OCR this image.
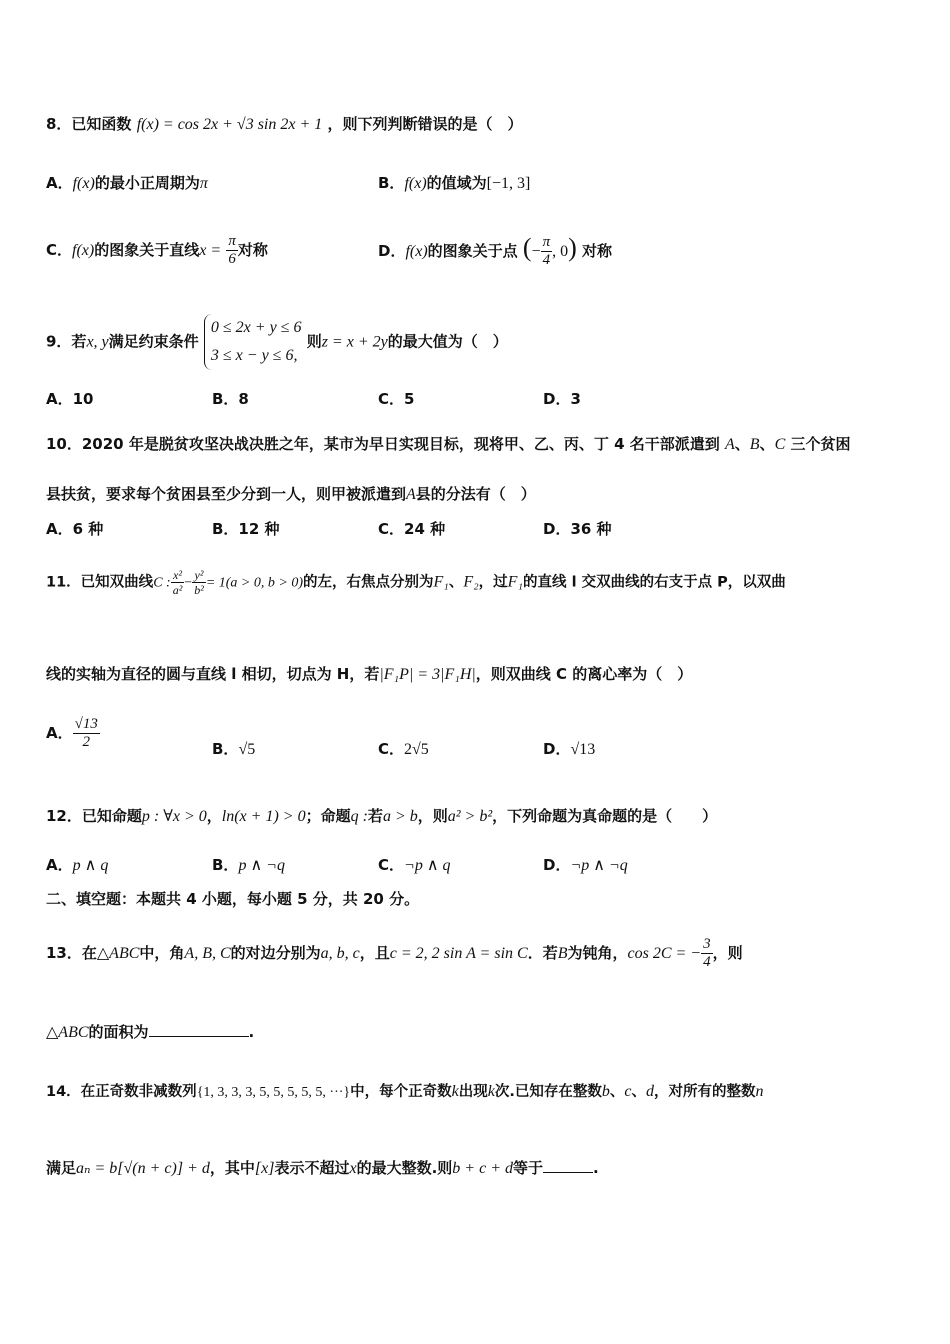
8．已知函数 f(x) = cos 2x + √3 sin 2x + 1 ，则下列判断错误的是（　）
A．f(x)的最小正周期为π	B．f(x)的值域为[−1, 3]
C．f(x)的图象关于直线$x = \frac{\pi}{6}$ 对称	D．f(x)的图象关于点 (− $\frac{\pi}{4}$ , 0) 对称
9．若x, y满足约束条件
0 ≤ 2x + y ≤ 6
3 ≤ x − y ≤ 6,
则z = x + 2y的最大值为（　）
A．10	B．8	C．5	D．3
10．2020 年是脱贫攻坚决战决胜之年，某市为早日实现目标，现将甲、乙、丙、丁 4 名干部派遣到 A、B、C 三个贫困
县扶贫，要求每个贫困县至少分到一人，则甲被派遣到A县的分法有（　）
A．6 种	B．12 种	C．24 种	D．36 种
11．已知双曲线C : $\frac{\text{x²}}{\text{a²}} - \frac{\text{y²}}{\text{b²}} = 1(a > 0$, b > 0)的左，右焦点分别为F₁、F₂，过F₁的直线 l 交双曲线的右支于点 P，以双曲
线的实轴为直径的圆与直线 l 相切，切点为 H，若|F₁P| = 3|F₁H|，则双曲线 C 的离心率为（　）
A． $\frac{√13}{2}$	B．√5	C．2√5	D．√13
12．已知命题p : ∀x > 0，ln(x + 1) > 0；命题q :若a > b，则a² > b²，下列命题为真命题的是（　　）
A．p ∧ q	B．p ∧ ¬q	C．¬p ∧ q	D．¬p ∧ ¬q
二、填空题：本题共 4 小题，每小题 5 分，共 20 分。
13．在△ABC中，角A, B, C的对边分别为a, b, c，且c = 2, 2 sin A = sin C．若B为钝角，cos 2C = − $\frac{3}{4}$ ，则
△ABC的面积为	.
14．在正奇数非减数列{1, 3, 3, 3, 5, 5, 5, 5, 5, ···}中，每个正奇数k出现k次.已知存在整数b、c、d，对所有的整数n
满足aₙ = b[√(n + c)] + d，其中[x]表示不超过x的最大整数.则b + c + d等于	.
